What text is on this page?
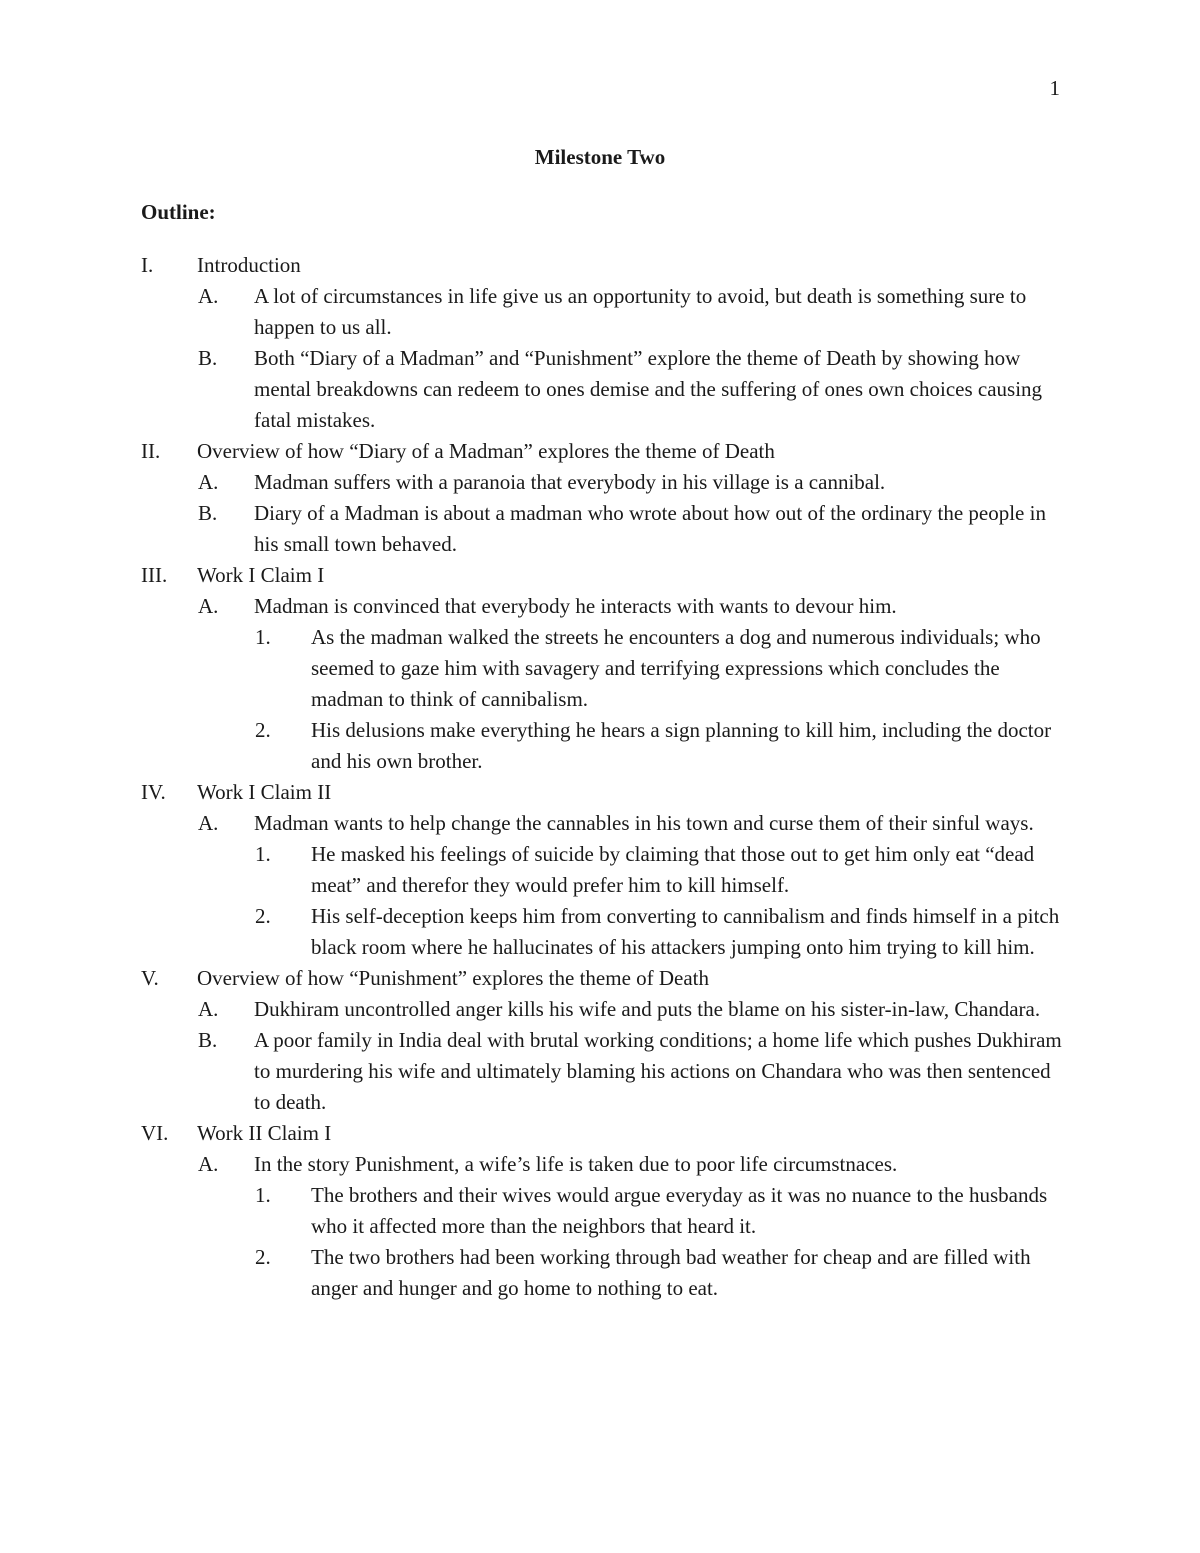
1
Milestone Two
Outline:
I. Introduction
A. A lot of circumstances in life give us an opportunity to avoid, but death is something sure to happen to us all.
B. Both “Diary of a Madman” and “Punishment” explore the theme of Death by showing how mental breakdowns can redeem to ones demise and the suffering of ones own choices causing fatal mistakes.
II. Overview of how “Diary of a Madman” explores the theme of Death
A. Madman suffers with a paranoia that everybody in his village is a cannibal.
B. Diary of a Madman is about a madman who wrote about how out of the ordinary the people in his small town behaved.
III. Work I Claim I
A. Madman is convinced that everybody he interacts with wants to devour him.
1. As the madman walked the streets he encounters a dog and numerous individuals; who seemed to gaze him with savagery and terrifying expressions which concludes the madman to think of cannibalism.
2. His delusions make everything he hears a sign planning to kill him, including the doctor and his own brother.
IV. Work I Claim II
A. Madman wants to help change the cannables in his town and curse them of their sinful ways.
1. He masked his feelings of suicide by claiming that those out to get him only eat “dead meat” and therefor they would prefer him to kill himself.
2. His self-deception keeps him from converting to cannibalism and finds himself in a pitch black room where he hallucinates of his attackers jumping onto him trying to kill him.
V. Overview of how “Punishment” explores the theme of Death
A. Dukhiram uncontrolled anger kills his wife and puts the blame on his sister-in-law, Chandara.
B. A poor family in India deal with brutal working conditions; a home life which pushes Dukhiram to murdering his wife and ultimately blaming his actions on Chandara who was then sentenced to death.
VI. Work II Claim I
A. In the story Punishment, a wife’s life is taken due to poor life circumstnaces.
1. The brothers and their wives would argue everyday as it was no nuance to the husbands who it affected more than the neighbors that heard it.
2. The two brothers had been working through bad weather for cheap and are filled with anger and hunger and go home to nothing to eat.
